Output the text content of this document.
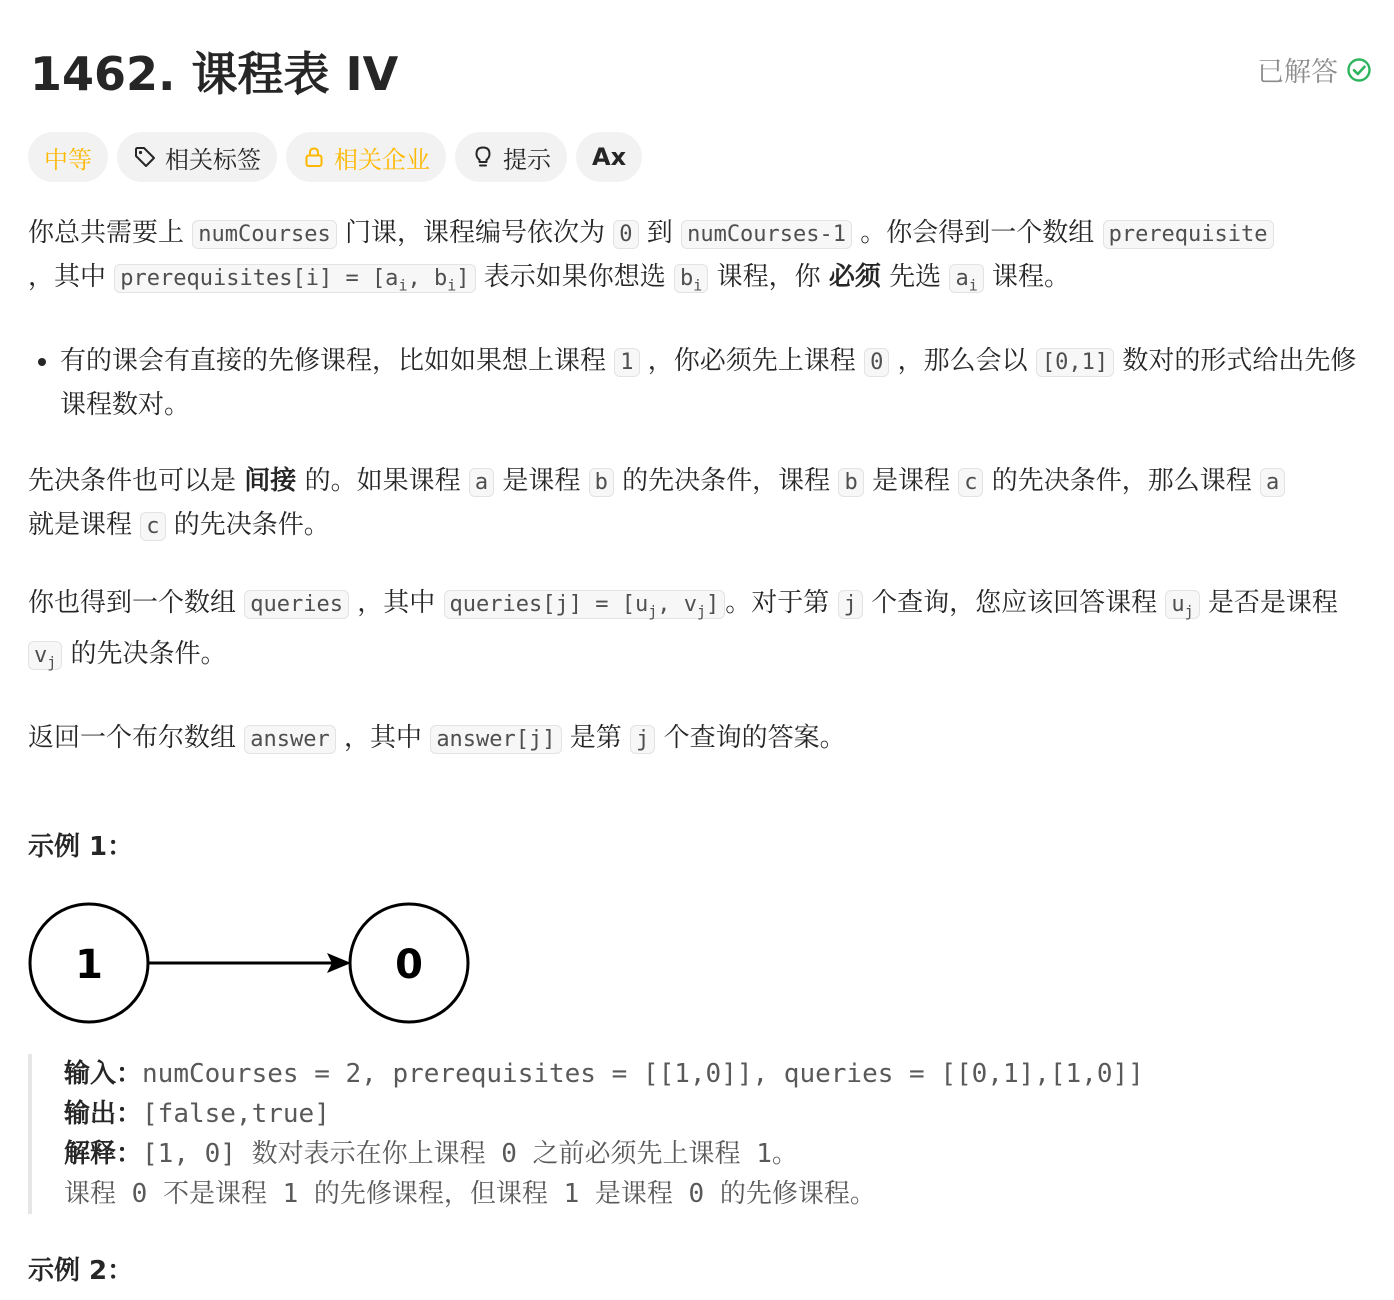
1462. 课程表 IV	已解答
中等	相关标签	相关企业	提示 Ax

你总共需要上 numCourses 门课，课程编号依次为 0 到 numCourses-1 。你会得到一个数组 prerequisite
，其中 prerequisites[i] = [$a_i$, $b_i$] 表示如果你想选 $b_i$ 课程，你 必须 先选 $a_i$ 课程。

• 有的课会有直接的先修课程，比如如果想上课程 1 ，你必须先上课程 0 ，那么会以 [0,1] 数对的形式给出先修课程数对。

先决条件也可以是 间接 的。如果课程 a 是课程 b 的先决条件，课程 b 是课程 c 的先决条件，那么课程 a
就是课程 c 的先决条件。

你也得到一个数组 queries ，其中 queries[j] = [$u_j$, $v_j$] 。对于第 j 个查询，您应该回答课程 $u_j$ 是否是课程 $v_j$ 的先决条件。

返回一个布尔数组 answer ，其中 answer[j] 是第 j 个查询的答案。

示例 1：
1	0
输入：numCourses = 2, prerequisites = [[1,0]], queries = [[0,1],[1,0]]
输出：[false,true]
解释：[1, 0] 数对表示在你上课程 0 之前必须先上课程 1。
课程 0 不是课程 1 的先修课程，但课程 1 是课程 0 的先修课程。
示例 2：
